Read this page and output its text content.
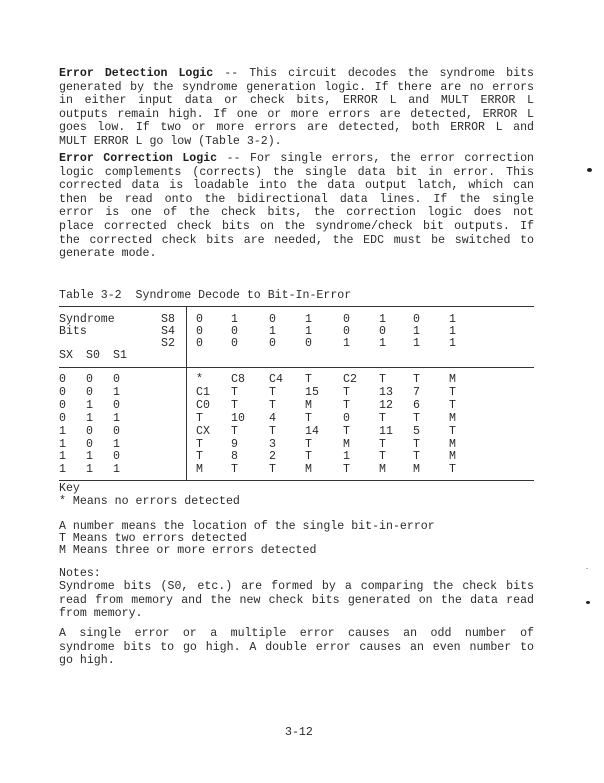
Error Detection Logic -- This circuit decodes the syndrome bits
generated by the syndrome generation logic. If there are no errors
in either input data or check bits, ERROR L and MULT ERROR L
outputs remain high. If one or more errors are detected, ERROR L
goes low. If two or more errors are detected, both ERROR L and
MULT ERROR L go low (Table 3-2).
Error Correction Logic -- For single errors, the error correction
logic complements (corrects) the single data bit in error. This
corrected data is loadable into the data output latch, which can
then be read onto the bidirectional data lines. If the single
error is one of the check bits, the correction logic does not
place corrected check bits on the syndrome/check bit outputs. If
the corrected check bits are needed, the EDC must be switched to
generate mode.
Table 3-2  Syndrome Decode to Bit-In-Error
Syndrome
Bits
S8 0 1	0	1	0	1 0	1
S4 0 0	1	1	0	0 1	1
S2 0 0	0	0	1	1 1	1
SX S0 S1
0 0 0	* C8 C4 T	C2 T T	M
0 0 1	C1 T	T	15 T	13 7	T
0 1 0	C0 T	T	M	T	12 6	T
0 1 1	T 10 4	T	0	T T	M
1 0 0	CX T	T	14 T	11 5	T
1 0 1	T 9	3	T	M	T T	M
1 1 0	T 8	2	T	1	T T	M
1 1 1	M T	T	M	T	M M	T
Key
* Means no errors detected
A number means the location of the single bit-in-error
T Means two errors detected
M Means three or more errors detected
Notes:
Syndrome bits (S0, etc.) are formed by a comparing the check bits
read from memory and the new check bits generated on the data read
from memory.
A single error or a multiple error causes an odd number of
syndrome bits to go high. A double error causes an even number to
go high.
3-12
